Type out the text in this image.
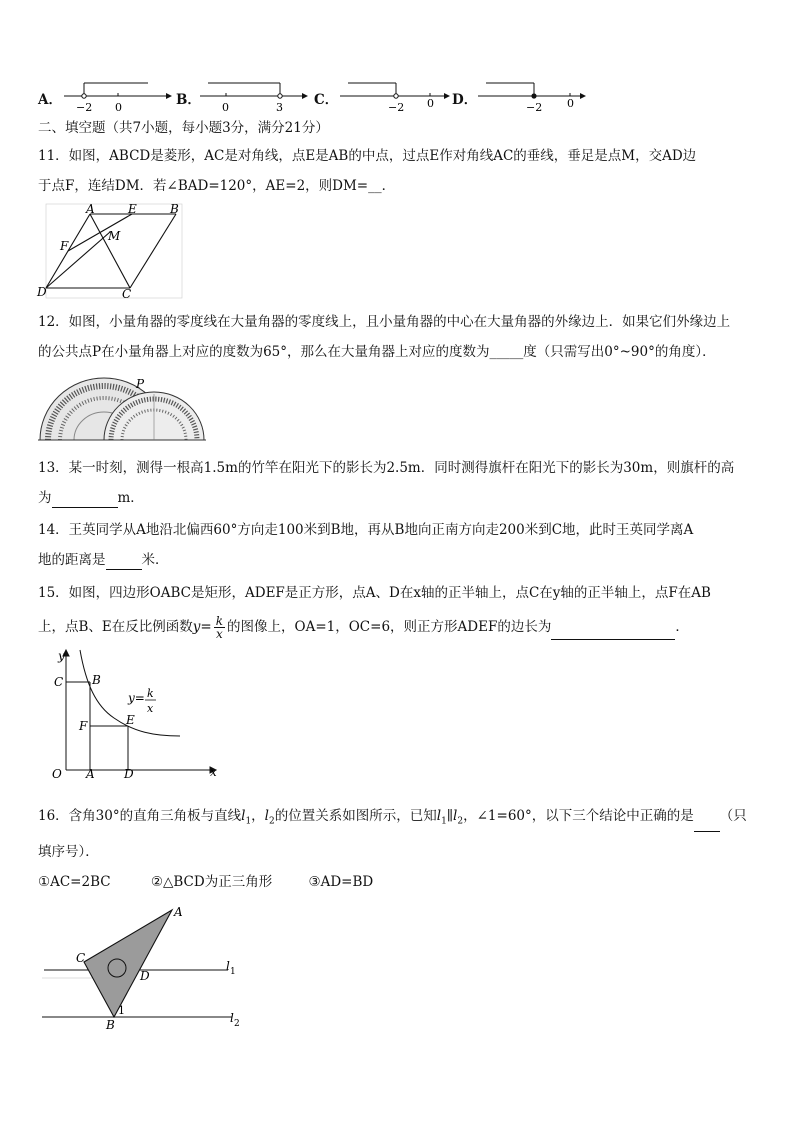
A． −2 0	B． 0	3 C．	−2 0 D．	−2 0
二、填空题（共7小题，每小题3分，满分21分）
11．如图，ABCD是菱形，AC是对角线，点E是AB的中点，过点E作对角线AC的垂线，垂足是点M，交AD边
于点F，连结DM．若∠BAD=120°，AE=2，则DM=__．
A	E	B
F
M
D	C
12．如图，小量角器的零度线在大量角器的零度线上，且小量角器的中心在大量角器的外缘边上．如果它们外缘边上
的公共点P在小量角器上对应的度数为65°，那么在大量角器上对应的度数为_____度（只需写出0°~90°的角度）．
P
13．某一时刻，测得一根高1.5m的竹竿在阳光下的影长为2.5m．同时测得旗杆在阳光下的影长为30m，则旗杆的高
为	m．
14．王英同学从A地沿北偏西60°方向走100米到B地，再从B地向正南方向走200米到C地，此时王英同学离A
地的距离是	米．
15．如图，四边形OABC是矩形，ADEF是正方形，点A、D在x轴的正半轴上，点C在y轴的正半轴上，点F在AB
上，点B、E在反比例函数$y= \frac{k}{x}$ 的图像上，OA=1，OC=6，则正方形ADEF的边长为	．
y
x
O A D
C B
F	E
y= k
x
16．含角30°的直角三角板与直线$l_1$，$l_2$的位置关系如图所示，已知$l_1\parallel l_2$，∠1=60°，以下三个结论中正确的是 （只
填序号）．
①AC=2BC	②△BCD为正三角形	③AD=BD
A
C
D
B
l 1
l 2
1
